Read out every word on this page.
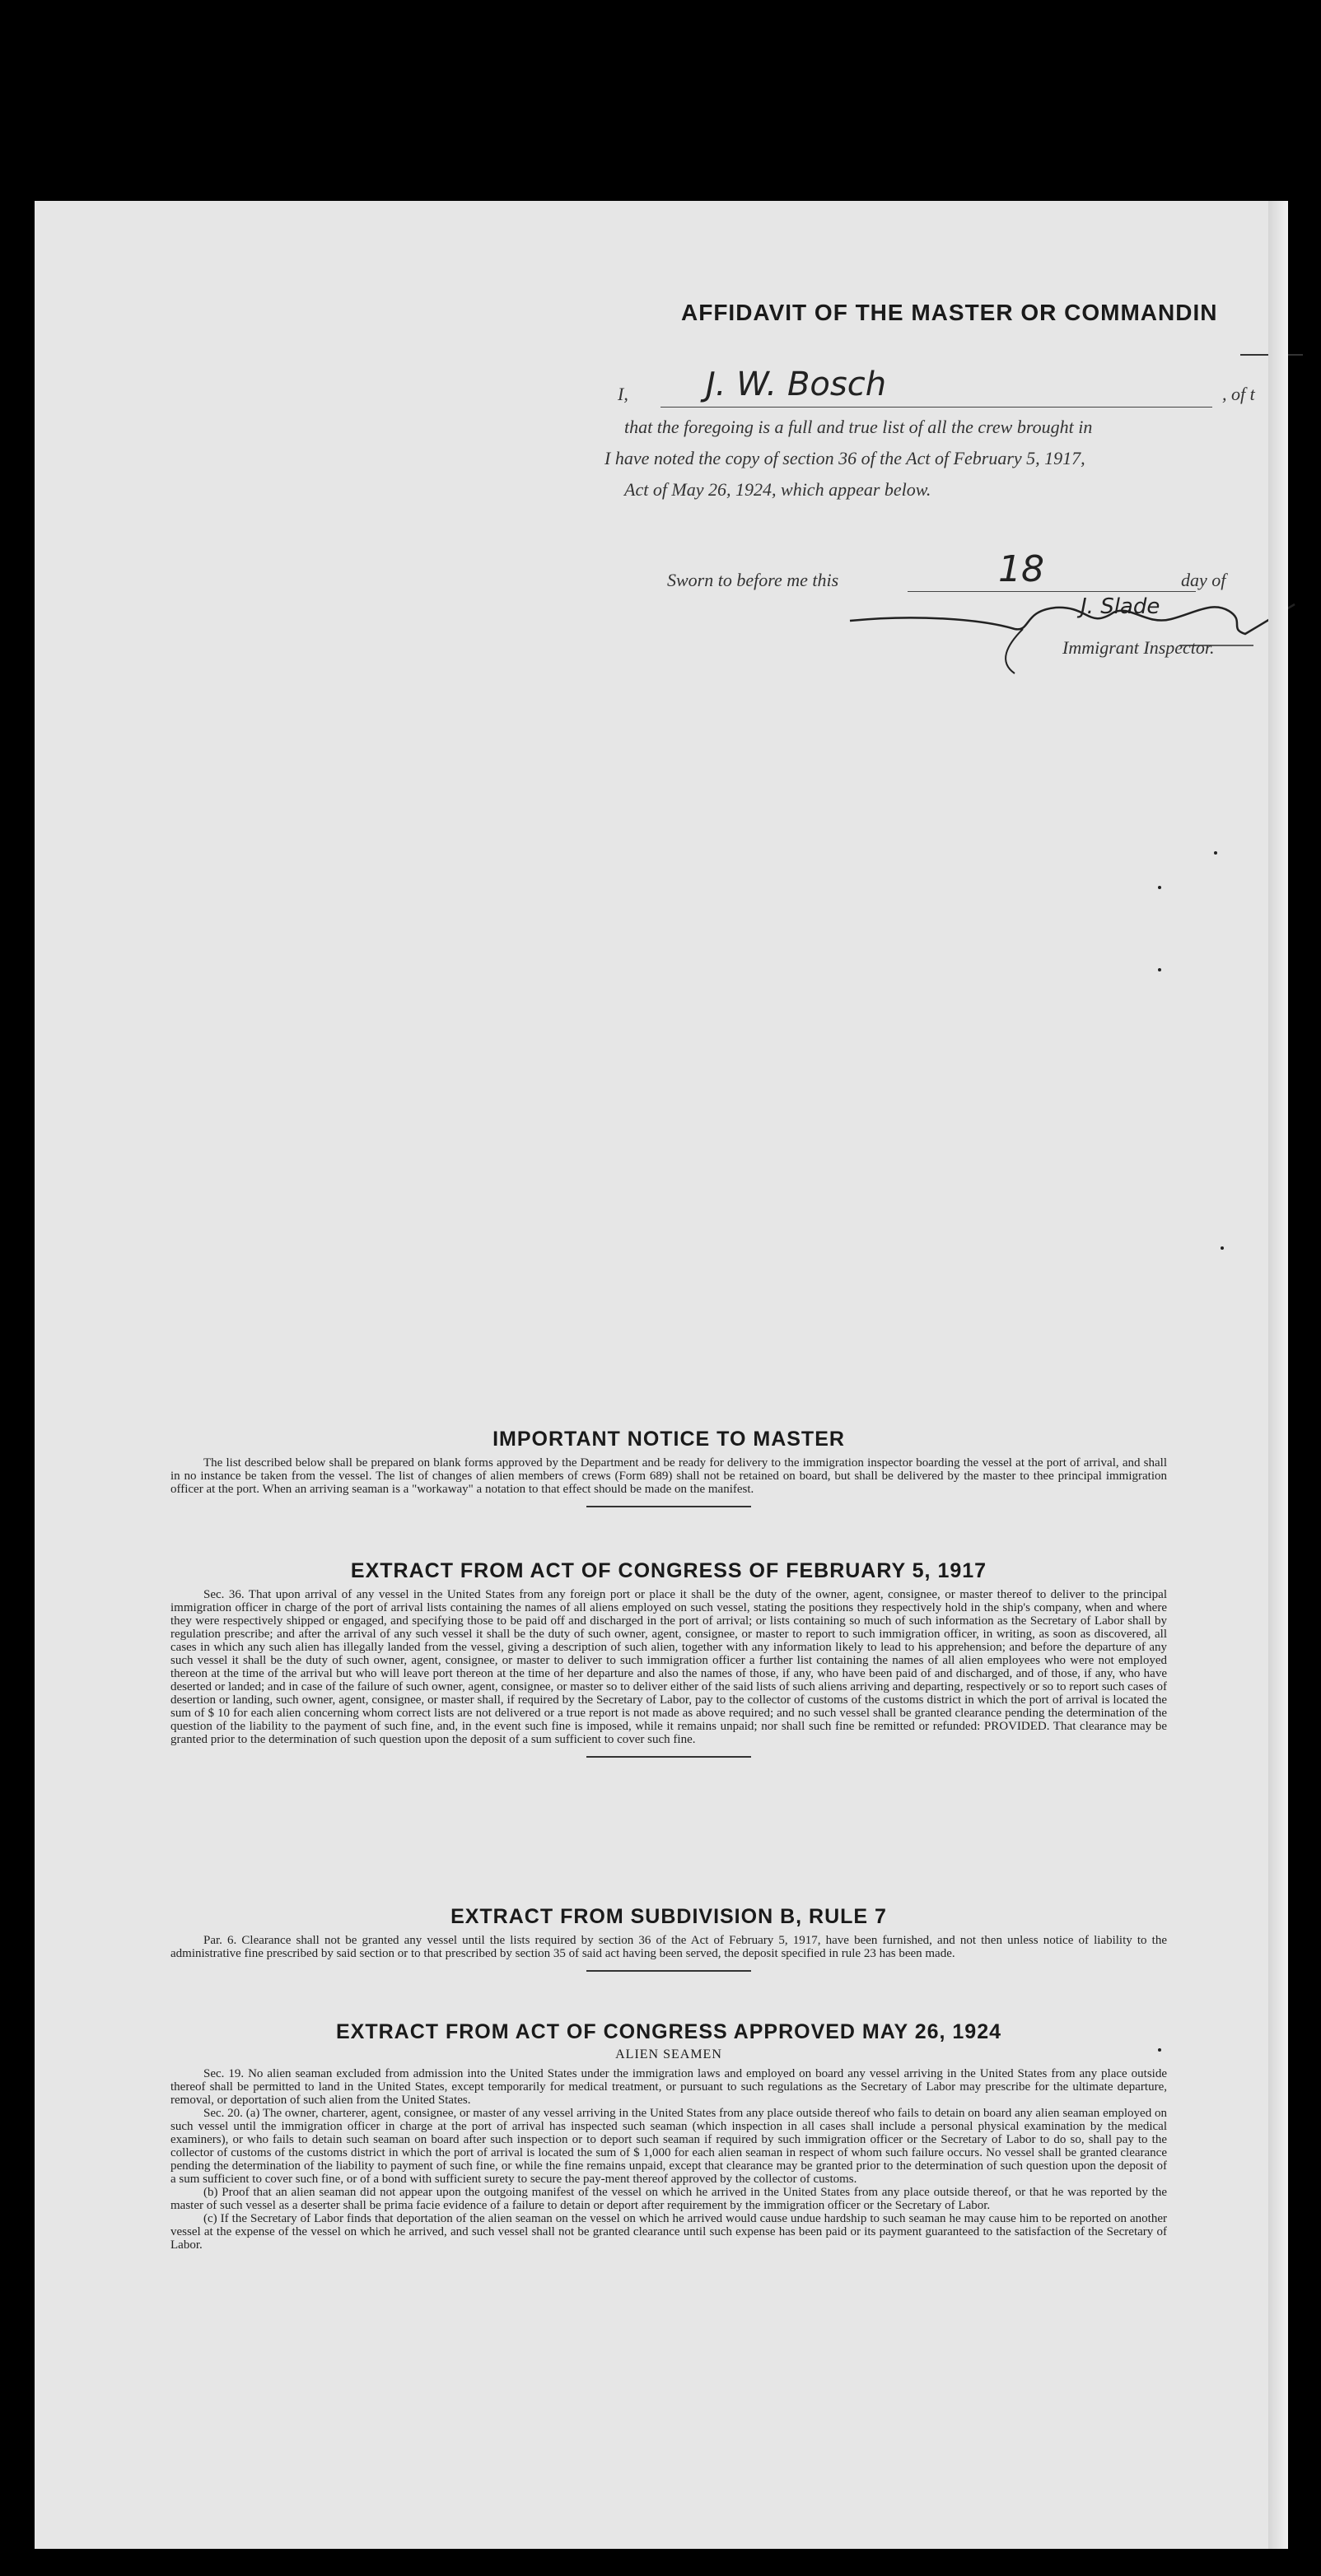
AFFIDAVIT OF THE MASTER OR COMMANDIN
I, J. W. Bosch	, of t
that the foregoing is a full and true list of all the crew brought in
I have noted the copy of section 36 of the Act of February 5, 1917,
Act of May 26, 1924, which appear below.
Sworn to before me this	18	day of
J. Slade
Immigrant Inspector.
IMPORTANT NOTICE TO MASTER

The list described below shall be prepared on blank forms approved by the Department and be ready for delivery to the immigration inspector boarding the vessel at the port of arrival, and shall in no instance be taken from the vessel. The list of changes of alien members of crews (Form 689) shall not be retained on board, but shall be delivered by the master to thee principal immigration officer at the port. When an arriving seaman is a "workaway" a notation to that effect should be made on the manifest.

EXTRACT FROM ACT OF CONGRESS OF FEBRUARY 5, 1917

Sec. 36. That upon arrival of any vessel in the United States from any foreign port or place it shall be the duty of the owner, agent, consignee, or master thereof to deliver to the principal immigration officer in charge of the port of arrival lists containing the names of all aliens employed on such vessel, stating the positions they respectively hold in the ship's company, when and where they were respectively shipped or engaged, and specifying those to be paid off and discharged in the port of arrival; or lists containing so much of such information as the Secretary of Labor shall by regulation prescribe; and after the arrival of any such vessel it shall be the duty of such owner, agent, consignee, or master to report to such immigration officer, in writing, as soon as discovered, all cases in which any such alien has illegally landed from the vessel, giving a description of such alien, together with any information likely to lead to his apprehension; and before the departure of any such vessel it shall be the duty of such owner, agent, consignee, or master to deliver to such immigration officer a further list containing the names of all alien employees who were not employed thereon at the time of the arrival but who will leave port thereon at the time of her departure and also the names of those, if any, who have been paid of and discharged, and of those, if any, who have deserted or landed; and in case of the failure of such owner, agent, consignee, or master so to deliver either of the said lists of such aliens arriving and departing, respectively or so to report such cases of desertion or landing, such owner, agent, consignee, or master shall, if required by the Secretary of Labor, pay to the collector of customs of the customs district in which the port of arrival is located the sum of $ 10 for each alien concerning whom correct lists are not delivered or a true report is not made as above required; and no such vessel shall be granted clearance pending the determination of the question of the liability to the payment of such fine, and, in the event such fine is imposed, while it remains unpaid; nor shall such fine be remitted or refunded: PROVIDED. That clearance may be granted prior to the determination of such question upon the deposit of a sum sufficient to cover such fine.

EXTRACT FROM SUBDIVISION B, RULE 7

Par. 6. Clearance shall not be granted any vessel until the lists required by section 36 of the Act of February 5, 1917, have been furnished, and not then unless notice of liability to the administrative fine prescribed by said section or to that prescribed by section 35 of said act having been served, the deposit specified in rule 23 has been made.

EXTRACT FROM ACT OF CONGRESS APPROVED MAY 26, 1924

ALIEN SEAMEN

Sec. 19. No alien seaman excluded from admission into the United States under the immigration laws and employed on board any vessel arriving in the United States from any place outside thereof shall be permitted to land in the United States, except temporarily for medical treatment, or pursuant to such regulations as the Secretary of Labor may prescribe for the ultimate departure, removal, or deportation of such alien from the United States.

Sec. 20. (a) The owner, charterer, agent, consignee, or master of any vessel arriving in the United States from any place outside thereof who fails to detain on board any alien seaman employed on such vessel until the immigration officer in charge at the port of arrival has inspected such seaman (which inspection in all cases shall include a personal physical examination by the medical examiners), or who fails to detain such seaman on board after such inspection or to deport such seaman if required by such immigration officer or the Secretary of Labor to do so, shall pay to the collector of customs of the customs district in which the port of arrival is located the sum of $ 1,000 for each alien seaman in respect of whom such failure occurs. No vessel shall be granted clearance pending the determination of the liability to payment of such fine, or while the fine remains unpaid, except that clearance may be granted prior to the determination of such question upon the deposit of a sum sufficient to cover such fine, or of a bond with sufficient surety to secure the pay-ment thereof approved by the collector of customs.

(b) Proof that an alien seaman did not appear upon the outgoing manifest of the vessel on which he arrived in the United States from any place outside thereof, or that he was reported by the master of such vessel as a deserter shall be prima facie evidence of a failure to detain or deport after requirement by the immigration officer or the Secretary of Labor.

(c) If the Secretary of Labor finds that deportation of the alien seaman on the vessel on which he arrived would cause undue hardship to such seaman he may cause him to be reported on another vessel at the expense of the vessel on which he arrived, and such vessel shall not be granted clearance until such expense has been paid or its payment guaranteed to the satisfaction of the Secretary of Labor.
